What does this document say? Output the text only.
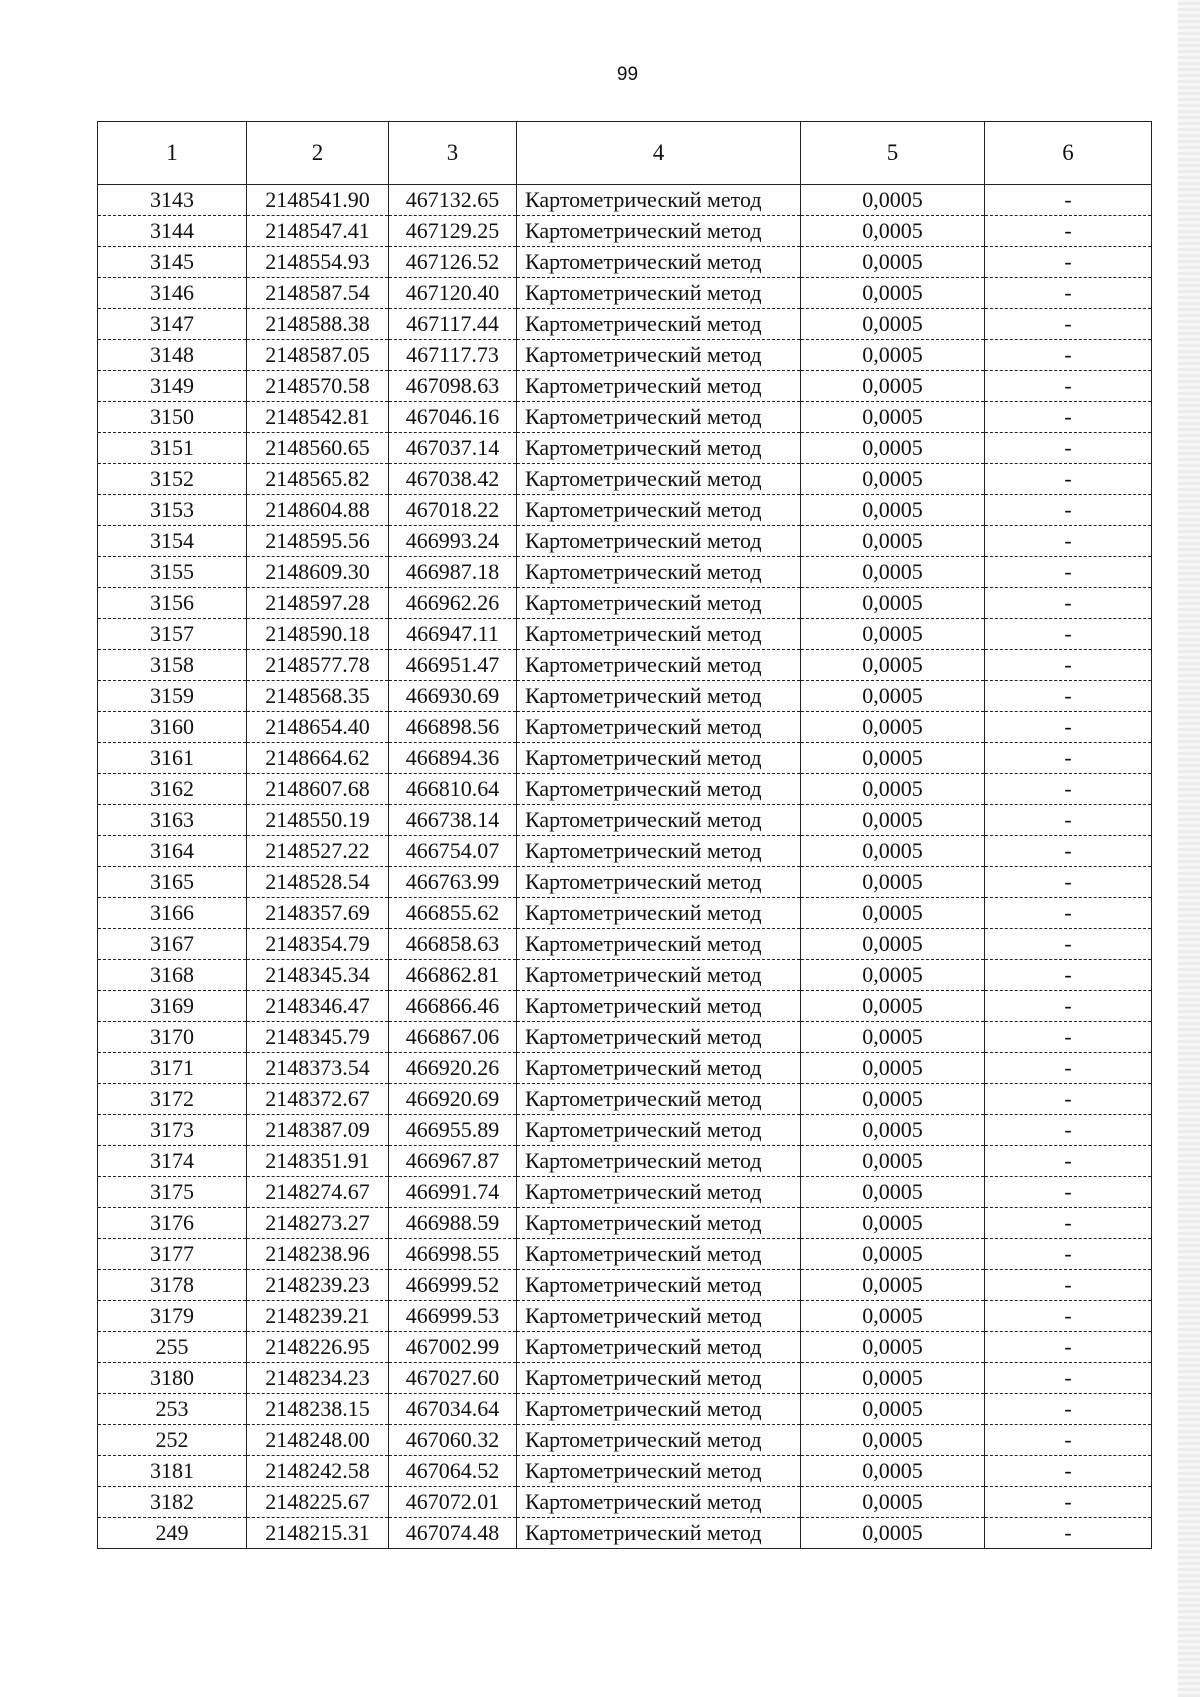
99
1	2	3	4	5	6
3143	2148541.90	467132.65	Картометрический метод	0,0005	-
3144	2148547.41	467129.25	Картометрический метод	0,0005	-
3145	2148554.93	467126.52	Картометрический метод	0,0005	-
3146	2148587.54	467120.40	Картометрический метод	0,0005	-
3147	2148588.38	467117.44	Картометрический метод	0,0005	-
3148	2148587.05	467117.73	Картометрический метод	0,0005	-
3149	2148570.58	467098.63	Картометрический метод	0,0005	-
3150	2148542.81	467046.16	Картометрический метод	0,0005	-
3151	2148560.65	467037.14	Картометрический метод	0,0005	-
3152	2148565.82	467038.42	Картометрический метод	0,0005	-
3153	2148604.88	467018.22	Картометрический метод	0,0005	-
3154	2148595.56	466993.24	Картометрический метод	0,0005	-
3155	2148609.30	466987.18	Картометрический метод	0,0005	-
3156	2148597.28	466962.26	Картометрический метод	0,0005	-
3157	2148590.18	466947.11	Картометрический метод	0,0005	-
3158	2148577.78	466951.47	Картометрический метод	0,0005	-
3159	2148568.35	466930.69	Картометрический метод	0,0005	-
3160	2148654.40	466898.56	Картометрический метод	0,0005	-
3161	2148664.62	466894.36	Картометрический метод	0,0005	-
3162	2148607.68	466810.64	Картометрический метод	0,0005	-
3163	2148550.19	466738.14	Картометрический метод	0,0005	-
3164	2148527.22	466754.07	Картометрический метод	0,0005	-
3165	2148528.54	466763.99	Картометрический метод	0,0005	-
3166	2148357.69	466855.62	Картометрический метод	0,0005	-
3167	2148354.79	466858.63	Картометрический метод	0,0005	-
3168	2148345.34	466862.81	Картометрический метод	0,0005	-
3169	2148346.47	466866.46	Картометрический метод	0,0005	-
3170	2148345.79	466867.06	Картометрический метод	0,0005	-
3171	2148373.54	466920.26	Картометрический метод	0,0005	-
3172	2148372.67	466920.69	Картометрический метод	0,0005	-
3173	2148387.09	466955.89	Картометрический метод	0,0005	-
3174	2148351.91	466967.87	Картометрический метод	0,0005	-
3175	2148274.67	466991.74	Картометрический метод	0,0005	-
3176	2148273.27	466988.59	Картометрический метод	0,0005	-
3177	2148238.96	466998.55	Картометрический метод	0,0005	-
3178	2148239.23	466999.52	Картометрический метод	0,0005	-
3179	2148239.21	466999.53	Картометрический метод	0,0005	-
255	2148226.95	467002.99	Картометрический метод	0,0005	-
3180	2148234.23	467027.60	Картометрический метод	0,0005	-
253	2148238.15	467034.64	Картометрический метод	0,0005	-
252	2148248.00	467060.32	Картометрический метод	0,0005	-
3181	2148242.58	467064.52	Картометрический метод	0,0005	-
3182	2148225.67	467072.01	Картометрический метод	0,0005	-
249	2148215.31	467074.48	Картометрический метод	0,0005	-
